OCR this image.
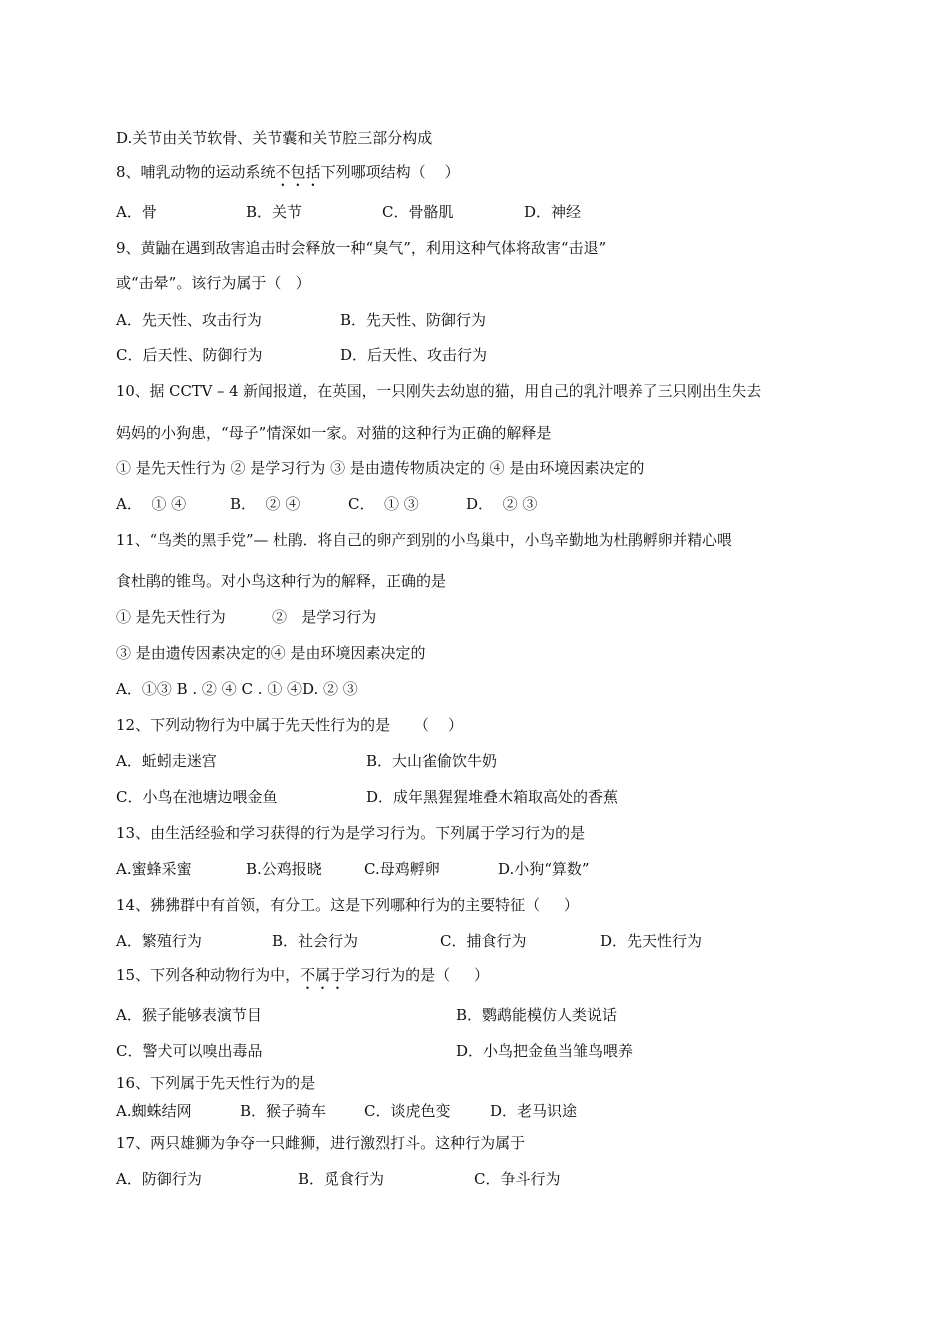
D.关节由关节软骨、关节囊和关节腔三部分构成
8、哺乳动物的运动系统不包括下列哪项结构（    ）
A．骨	B．关节	C．骨骼肌	D．神经
9、黄鼬在遇到敌害追击时会释放一种“臭气”，利用这种气体将敌害“击退”
或“击晕”。该行为属于（   ）
A．先天性、攻击行为	B．先天性、防御行为
C．后天性、防御行为	D．后天性、攻击行为
10、据 CCTV – 4 新闻报道，在英国，一只刚失去幼崽的猫，用自己的乳汁喂养了三只刚出生失去
妈妈的小狗患，“母子”情深如一家。对猫的这种行为正确的解释是
① 是先天性行为 ② 是学习行为 ③ 是由遗传物质决定的 ④ 是由环境因素决定的
A．  ① ④	B．  ② ④	C．  ① ③	D．  ② ③
11、“鸟类的黑手党”— 杜鹃．将自己的卵产到别的小鸟巢中，小鸟辛勤地为杜鹃孵卵并精心喂
食杜鹃的锥鸟。对小鸟这种行为的解释，正确的是
① 是先天性行为	②   是学习行为
③ 是由遗传因素决定的④ 是由环境因素决定的
A．①③ B . ② ④ C . ① ④D. ② ③
12、下列动物行为中属于先天性行为的是     （    ）
A．蚯蚓走迷宫	B．大山雀偷饮牛奶
C．小鸟在池塘边喂金鱼	D．成年黑猩猩堆叠木箱取高处的香蕉
13、由生活经验和学习获得的行为是学习行为。下列属于学习行为的是
A.蜜蜂采蜜	B.公鸡报晓	C.母鸡孵卵	D.小狗“算数”
14、狒狒群中有首领，有分工。这是下列哪种行为的主要特征（     ）
A．繁殖行为	B．社会行为	C．捕食行为	D．先天性行为
15、下列各种动物行为中，不属于学习行为的是（     ）
A．猴子能够表演节目	B．鹦鹉能模仿人类说话
C．警犬可以嗅出毒品	D．小鸟把金鱼当雏鸟喂养
16、下列属于先天性行为的是
A.蜘蛛结网	B．猴子骑车	C．谈虎色变	D．老马识途
17、两只雄狮为争夺一只雌狮，进行激烈打斗。这种行为属于
A．防御行为	B．觅食行为	C．争斗行为
